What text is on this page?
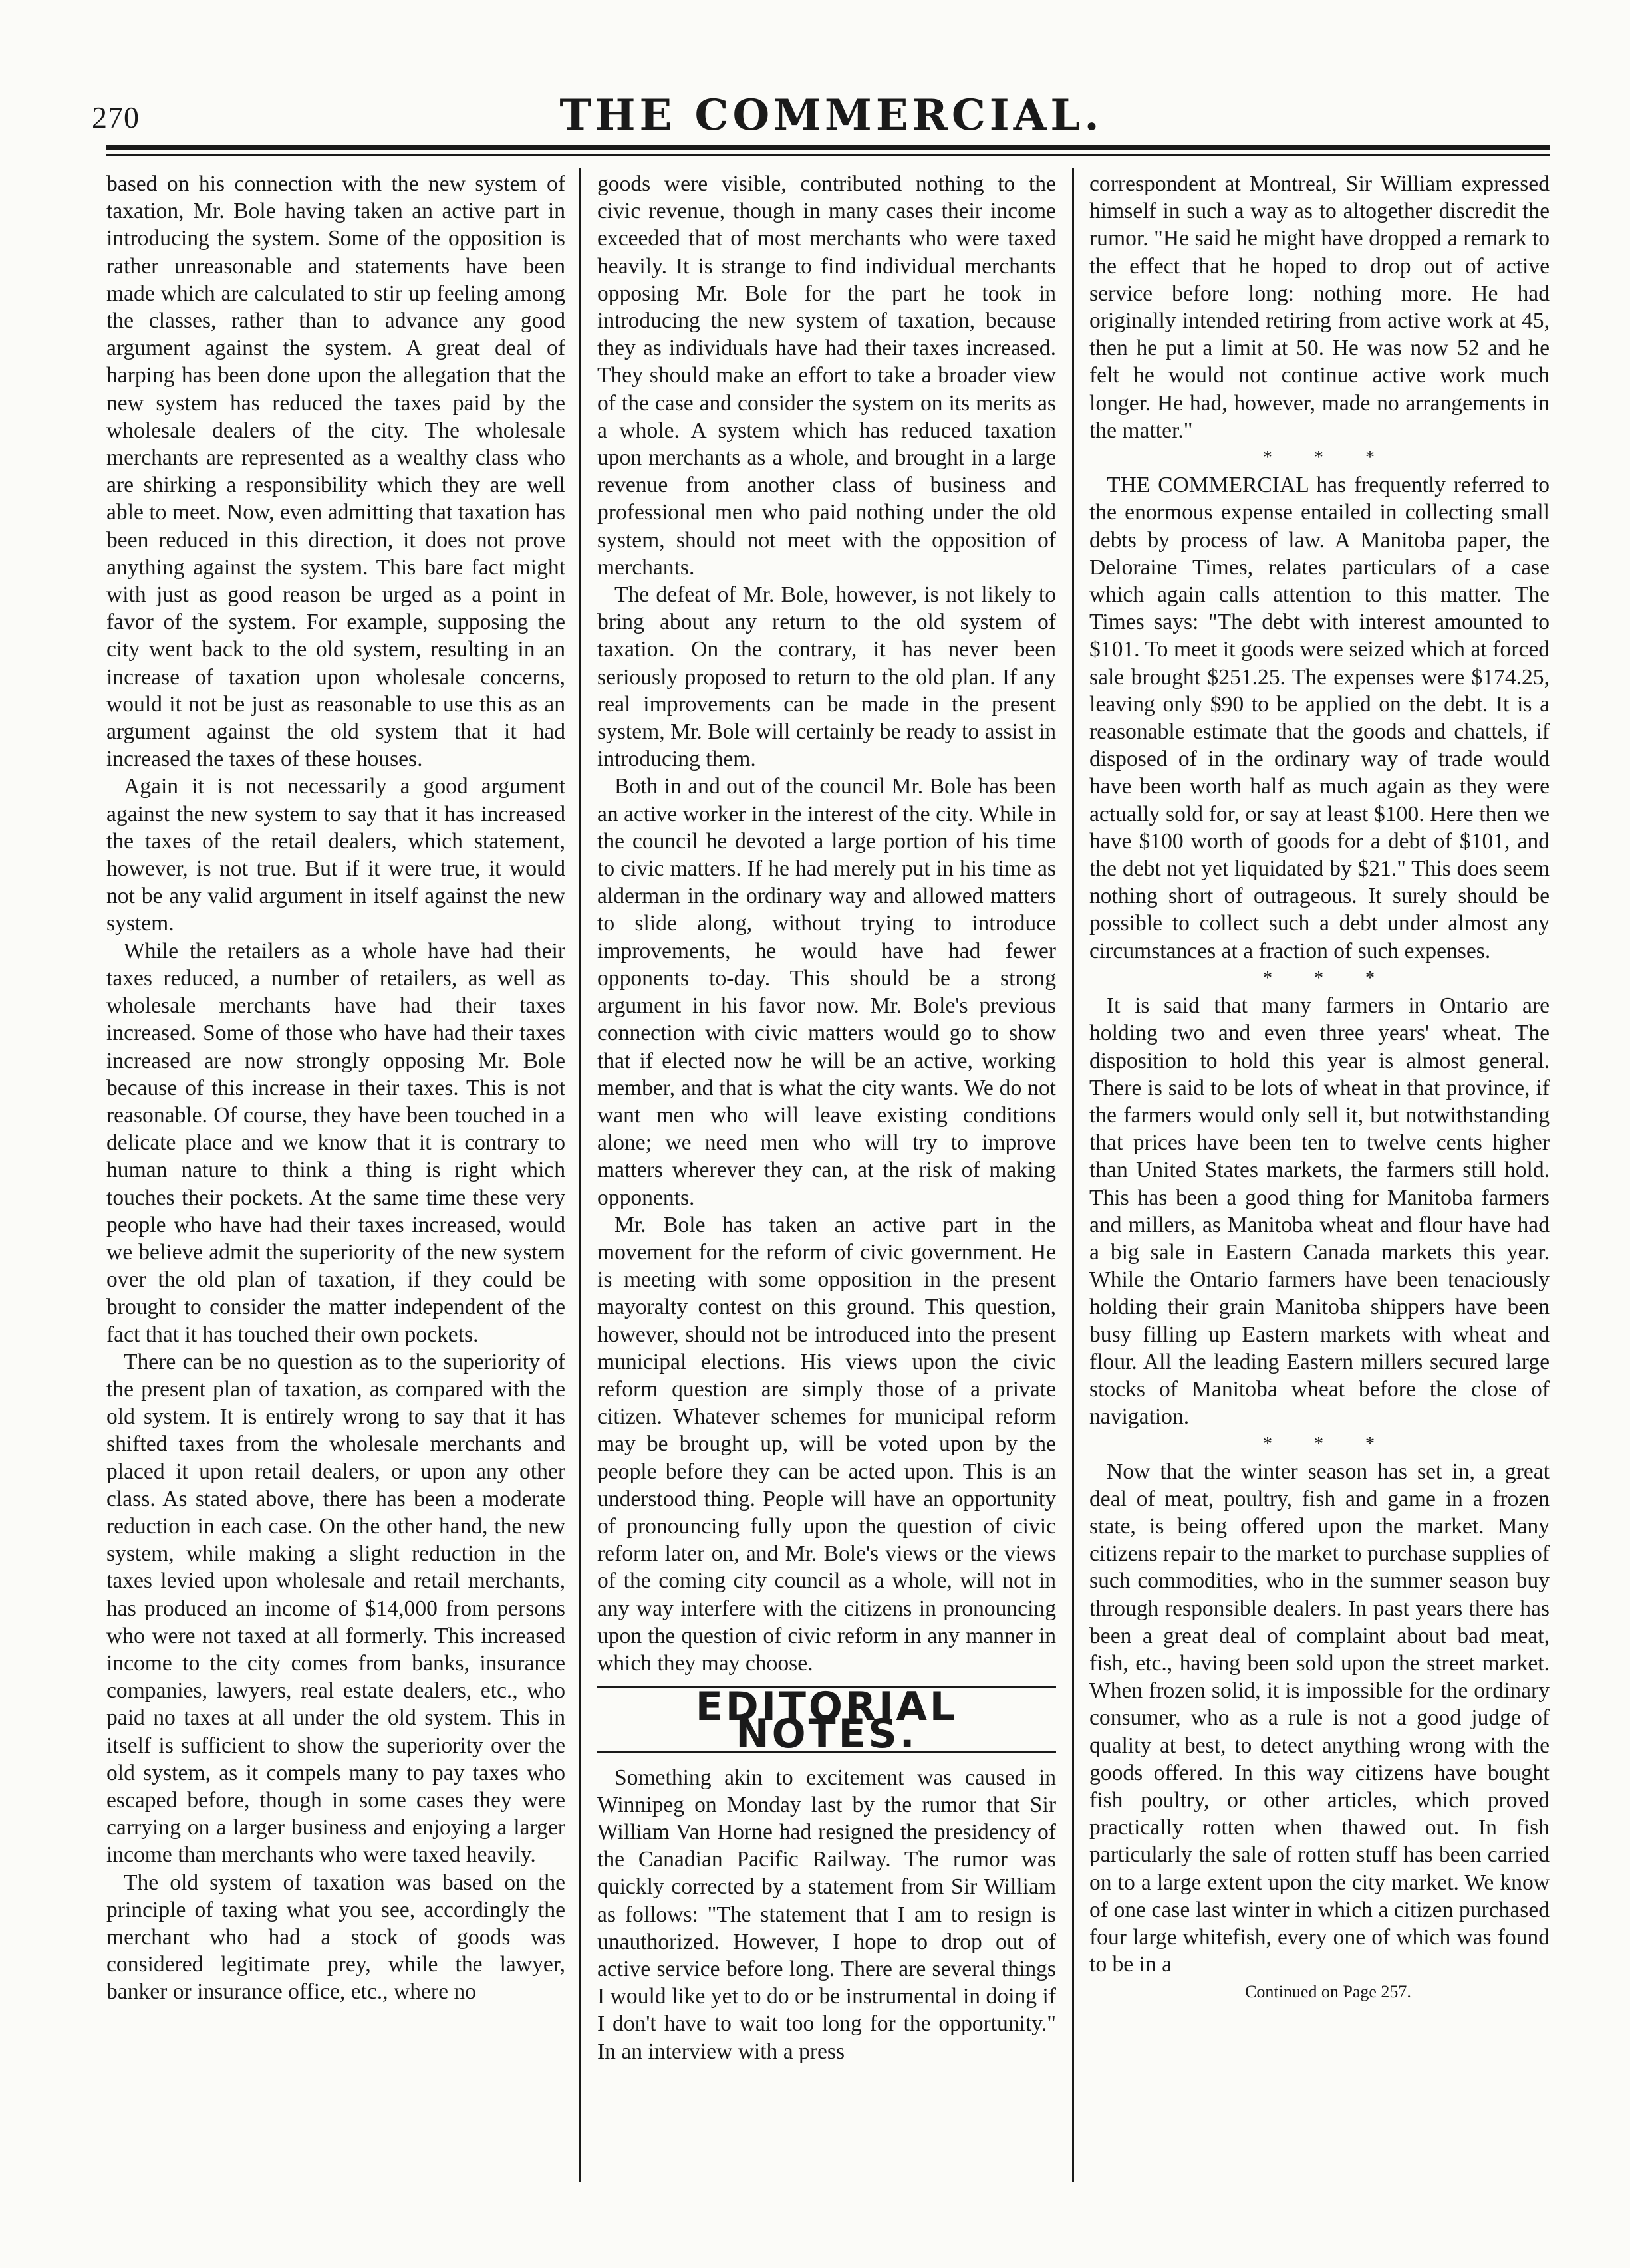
270	THE COMMERCIAL.

based on his connection with the new system of taxation, Mr. Bole having taken an active part in introducing the system. Some of the opposition is rather unreasonable and statements have been made which are calculated to stir up feeling among the classes, rather than to advance any good argument against the system. A great deal of harping has been done upon the allegation that the new system has reduced the taxes paid by the wholesale dealers of the city. The wholesale merchants are represented as a wealthy class who are shirking a responsibility which they are well able to meet. Now, even admitting that taxation has been reduced in this direction, it does not prove anything against the system. This bare fact might with just as good reason be urged as a point in favor of the system. For example, supposing the city went back to the old system, resulting in an increase of taxation upon wholesale concerns, would it not be just as reasonable to use this as an argument against the old system that it had increased the taxes of these houses.

Again it is not necessarily a good argument against the new system to say that it has increased the taxes of the retail dealers, which statement, however, is not true. But if it were true, it would not be any valid argument in itself against the new system.

While the retailers as a whole have had their taxes reduced, a number of retailers, as well as wholesale merchants have had their taxes increased. Some of those who have had their taxes increased are now strongly opposing Mr. Bole because of this increase in their taxes. This is not reasonable. Of course, they have been touched in a delicate place and we know that it is contrary to human nature to think a thing is right which touches their pockets. At the same time these very people who have had their taxes increased, would we believe admit the superiority of the new system over the old plan of taxation, if they could be brought to consider the matter independent of the fact that it has touched their own pockets.

There can be no question as to the superiority of the present plan of taxation, as compared with the old system. It is entirely wrong to say that it has shifted taxes from the wholesale merchants and placed it upon retail dealers, or upon any other class. As stated above, there has been a moderate reduction in each case. On the other hand, the new system, while making a slight reduction in the taxes levied upon wholesale and retail merchants, has produced an income of $14,000 from persons who were not taxed at all formerly. This increased income to the city comes from banks, insurance companies, lawyers, real estate dealers, etc., who paid no taxes at all under the old system. This in itself is sufficient to show the superiority over the old system, as it compels many to pay taxes who escaped before, though in some cases they were carrying on a larger business and enjoying a larger income than merchants who were taxed heavily.

The old system of taxation was based on the principle of taxing what you see, accordingly the merchant who had a stock of goods was considered legitimate prey, while the lawyer, banker or insurance office, etc., where no

goods were visible, contributed nothing to the civic revenue, though in many cases their income exceeded that of most merchants who were taxed heavily. It is strange to find individual merchants opposing Mr. Bole for the part he took in introducing the new system of taxation, because they as individuals have had their taxes increased. They should make an effort to take a broader view of the case and consider the system on its merits as a whole. A system which has reduced taxation upon merchants as a whole, and brought in a large revenue from another class of business and professional men who paid nothing under the old system, should not meet with the opposition of merchants.

The defeat of Mr. Bole, however, is not likely to bring about any return to the old system of taxation. On the contrary, it has never been seriously proposed to return to the old plan. If any real improvements can be made in the present system, Mr. Bole will certainly be ready to assist in introducing them.

Both in and out of the council Mr. Bole has been an active worker in the interest of the city. While in the council he devoted a large portion of his time to civic matters. If he had merely put in his time as alderman in the ordinary way and allowed matters to slide along, without trying to introduce improvements, he would have had fewer opponents to-day. This should be a strong argument in his favor now. Mr. Bole's previous connection with civic matters would go to show that if elected now he will be an active, working member, and that is what the city wants. We do not want men who will leave existing conditions alone; we need men who will try to improve matters wherever they can, at the risk of making opponents.

Mr. Bole has taken an active part in the movement for the reform of civic government. He is meeting with some opposition in the present mayoralty contest on this ground. This question, however, should not be introduced into the present municipal elections. His views upon the civic reform question are simply those of a private citizen. Whatever schemes for municipal reform may be brought up, will be voted upon by the people before they can be acted upon. This is an understood thing. People will have an opportunity of pronouncing fully upon the question of civic reform later on, and Mr. Bole's views or the views of the coming city council as a whole, will not in any way interfere with the citizens in pronouncing upon the question of civic reform in any manner in which they may choose.

EDITORIAL NOTES.

Something akin to excitement was caused in Winnipeg on Monday last by the rumor that Sir William Van Horne had resigned the presidency of the Canadian Pacific Railway. The rumor was quickly corrected by a statement from Sir William as follows: "The statement that I am to resign is unauthorized. However, I hope to drop out of active service before long. There are several things I would like yet to do or be instrumental in doing if I don't have to wait too long for the opportunity." In an interview with a press

correspondent at Montreal, Sir William expressed himself in such a way as to altogether discredit the rumor. "He said he might have dropped a remark to the effect that he hoped to drop out of active service before long: nothing more. He had originally intended retiring from active work at 45, then he put a limit at 50. He was now 52 and he felt he would not continue active work much longer. He had, however, made no arrangements in the matter."

* * *

THE COMMERCIAL has frequently referred to the enormous expense entailed in collecting small debts by process of law. A Manitoba paper, the Deloraine Times, relates particulars of a case which again calls attention to this matter. The Times says: "The debt with interest amounted to $101. To meet it goods were seized which at forced sale brought $251.25. The expenses were $174.25, leaving only $90 to be applied on the debt. It is a reasonable estimate that the goods and chattels, if disposed of in the ordinary way of trade would have been worth half as much again as they were actually sold for, or say at least $100. Here then we have $100 worth of goods for a debt of $101, and the debt not yet liquidated by $21." This does seem nothing short of outrageous. It surely should be possible to collect such a debt under almost any circumstances at a fraction of such expenses.

* * *

It is said that many farmers in Ontario are holding two and even three years' wheat. The disposition to hold this year is almost general. There is said to be lots of wheat in that province, if the farmers would only sell it, but notwithstanding that prices have been ten to twelve cents higher than United States markets, the farmers still hold. This has been a good thing for Manitoba farmers and millers, as Manitoba wheat and flour have had a big sale in Eastern Canada markets this year. While the Ontario farmers have been tenaciously holding their grain Manitoba shippers have been busy filling up Eastern markets with wheat and flour. All the leading Eastern millers secured large stocks of Manitoba wheat before the close of navigation.

* * *

Now that the winter season has set in, a great deal of meat, poultry, fish and game in a frozen state, is being offered upon the market. Many citizens repair to the market to purchase supplies of such commodities, who in the summer season buy through responsible dealers. In past years there has been a great deal of complaint about bad meat, fish, etc., having been sold upon the street market. When frozen solid, it is impossible for the ordinary consumer, who as a rule is not a good judge of quality at best, to detect anything wrong with the goods offered. In this way citizens have bought fish poultry, or other articles, which proved practically rotten when thawed out. In fish particularly the sale of rotten stuff has been carried on to a large extent upon the city market. We know of one case last winter in which a citizen purchased four large whitefish, every one of which was found to be in a

Continued on Page 257.
